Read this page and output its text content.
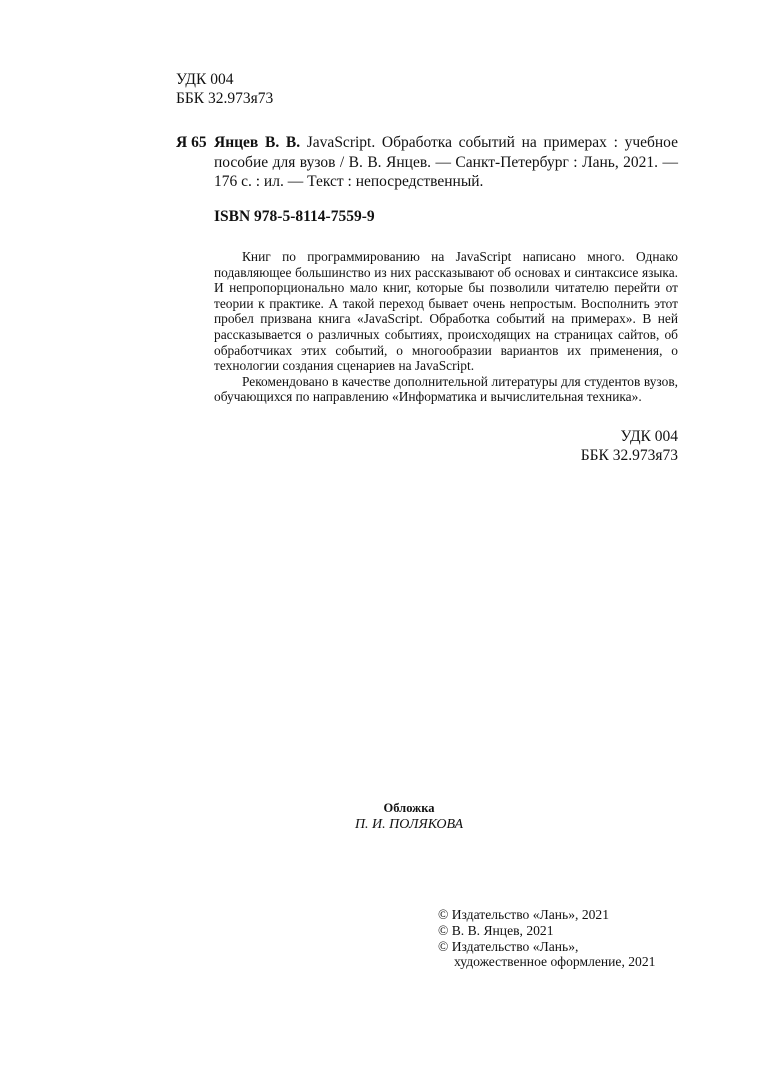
УДК 004
ББК 32.973я73
Я 65 Янцев В. В. JavaScript. Обработка событий на примерах : учебное пособие для вузов / В. В. Янцев. — Санкт-Петербург : Лань, 2021. — 176 с. : ил. — Текст : непосредственный.
ISBN 978-5-8114-7559-9

Книг по программированию на JavaScript написано много. Однако подавляющее большинство из них рассказывают об основах и синтаксисе языка. И непропорционально мало книг, которые бы позволили читателю перейти от теории к практике. А такой переход бывает очень непростым. Восполнить этот пробел призвана книга «JavaScript. Обработка событий на примерах». В ней рассказывается о различных событиях, происходящих на страницах сайтов, об обработчиках этих событий, о многообразии вариантов их применения, о технологии создания сценариев на JavaScript.

Рекомендовано в качестве дополнительной литературы для студентов вузов, обучающихся по направлению «Информатика и вычислительная техника».

УДК 004
ББК 32.973я73
Обложка
П. И. ПОЛЯКОВА
© Издательство «Лань», 2021
© В. В. Янцев, 2021
© Издательство «Лань»,
художественное оформление, 2021
